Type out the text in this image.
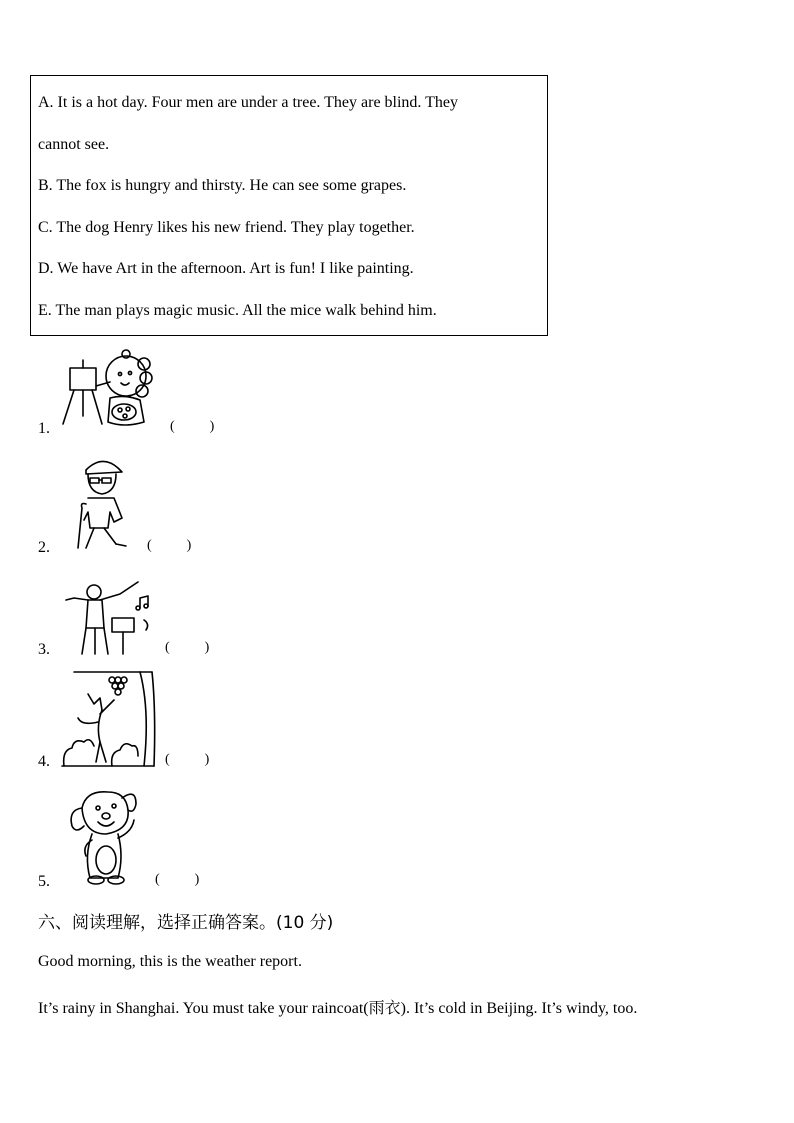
A. It is a hot day. Four men are under a tree. They are blind. They
cannot see.
B. The fox is hungry and thirsty. He can see some grapes.
C. The dog Henry likes his new friend. They play together.
D. We have Art in the afternoon. Art is fun! I like painting.
E. The man plays magic music. All the mice walk behind him.
1.	(          )
2.	(          )
3.	(          )
4.	(          )
5.	(          )
六、阅读理解，选择正确答案。(10 分)
Good morning, this is the weather report.
It’s rainy in Shanghai. You must take your raincoat(雨衣). It’s cold in Beijing. It’s windy, too.
